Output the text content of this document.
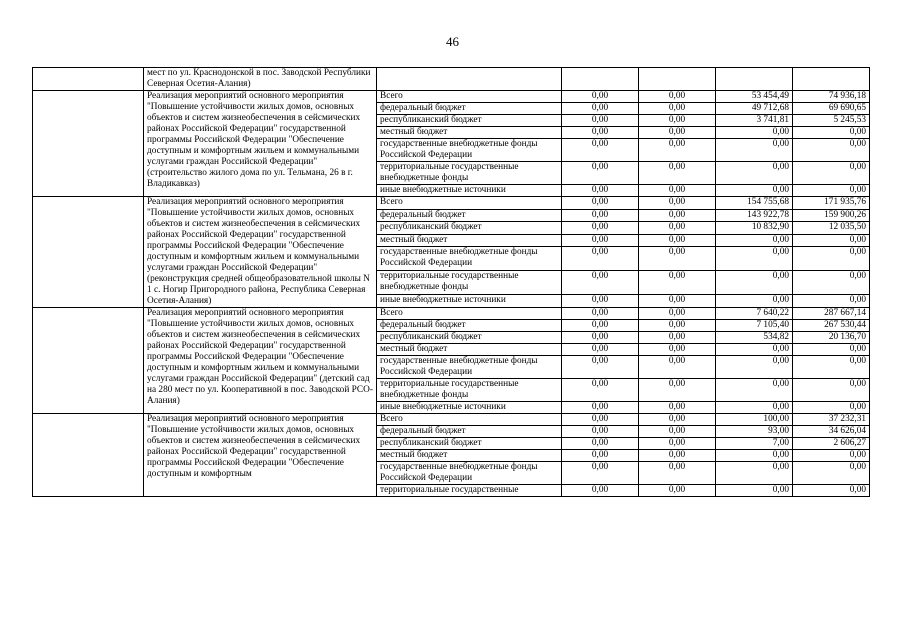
46
	мест по ул. Краснодонской в пос. Заводской Республики Северная Осетия-Алания)					
	Реализация мероприятий основного мероприятия "Повышение устойчивости жилых домов, основных объектов и систем жизнеобеспечения в сейсмических районах Российской Федерации" государственной программы Российской Федерации "Обеспечение доступным и комфортным жильем и коммунальными услугами граждан Российской Федерации" (строительство жилого дома по ул. Тельмана, 26 в г. Владикавказ)	Всего	0,00	0,00	53 454,49	74 936,18
		федеральный бюджет	0,00	0,00	49 712,68	69 690,65
		республиканский бюджет	0,00	0,00	3 741,81	5 245,53
		местный бюджет	0,00	0,00	0,00	0,00
		государственные внебюджетные фонды Российской Федерации	0,00	0,00	0,00	0,00
		территориальные государственные внебюджетные фонды	0,00	0,00	0,00	0,00
		иные внебюджетные источники	0,00	0,00	0,00	0,00
	Реализация мероприятий основного мероприятия "Повышение устойчивости жилых домов, основных объектов и систем жизнеобеспечения в сейсмических районах Российской Федерации" государственной программы Российской Федерации "Обеспечение доступным и комфортным жильем и коммунальными услугами граждан Российской Федерации" (реконструкция средней общеобразовательной школы N 1 с. Ногир Пригородного района, Республика Северная Осетия-Алания)	Всего	0,00	0,00	154 755,68	171 935,76
		федеральный бюджет	0,00	0,00	143 922,78	159 900,26
		республиканский бюджет	0,00	0,00	10 832,90	12 035,50
		местный бюджет	0,00	0,00	0,00	0,00
		государственные внебюджетные фонды Российской Федерации	0,00	0,00	0,00	0,00
		территориальные государственные внебюджетные фонды	0,00	0,00	0,00	0,00
		иные внебюджетные источники	0,00	0,00	0,00	0,00
	Реализация мероприятий основного мероприятия "Повышение устойчивости жилых домов, основных объектов и систем жизнеобеспечения в сейсмических районах Российской Федерации" государственной программы Российской Федерации "Обеспечение доступным и комфортным жильем и коммунальными услугами граждан Российской Федерации" (детский сад на 280 мест по ул. Кооперативной в пос. Заводской РСО-Алания)	Всего	0,00	0,00	7 640,22	287 667,14
		федеральный бюджет	0,00	0,00	7 105,40	267 530,44
		республиканский бюджет	0,00	0,00	534,82	20 136,70
		местный бюджет	0,00	0,00	0,00	0,00
		государственные внебюджетные фонды Российской Федерации	0,00	0,00	0,00	0,00
		территориальные государственные внебюджетные фонды	0,00	0,00	0,00	0,00
		иные внебюджетные источники	0,00	0,00	0,00	0,00
	Реализация мероприятий основного мероприятия "Повышение устойчивости жилых домов, основных объектов и систем жизнеобеспечения в сейсмических районах Российской Федерации" государственной программы Российской Федерации "Обеспечение доступным и комфортным	Всего	0,00	0,00	100,00	37 232,31
		федеральный бюджет	0,00	0,00	93,00	34 626,04
		республиканский бюджет	0,00	0,00	7,00	2 606,27
		местный бюджет	0,00	0,00	0,00	0,00
		государственные внебюджетные фонды Российской Федерации	0,00	0,00	0,00	0,00
		территориальные государственные	0,00	0,00	0,00	0,00
